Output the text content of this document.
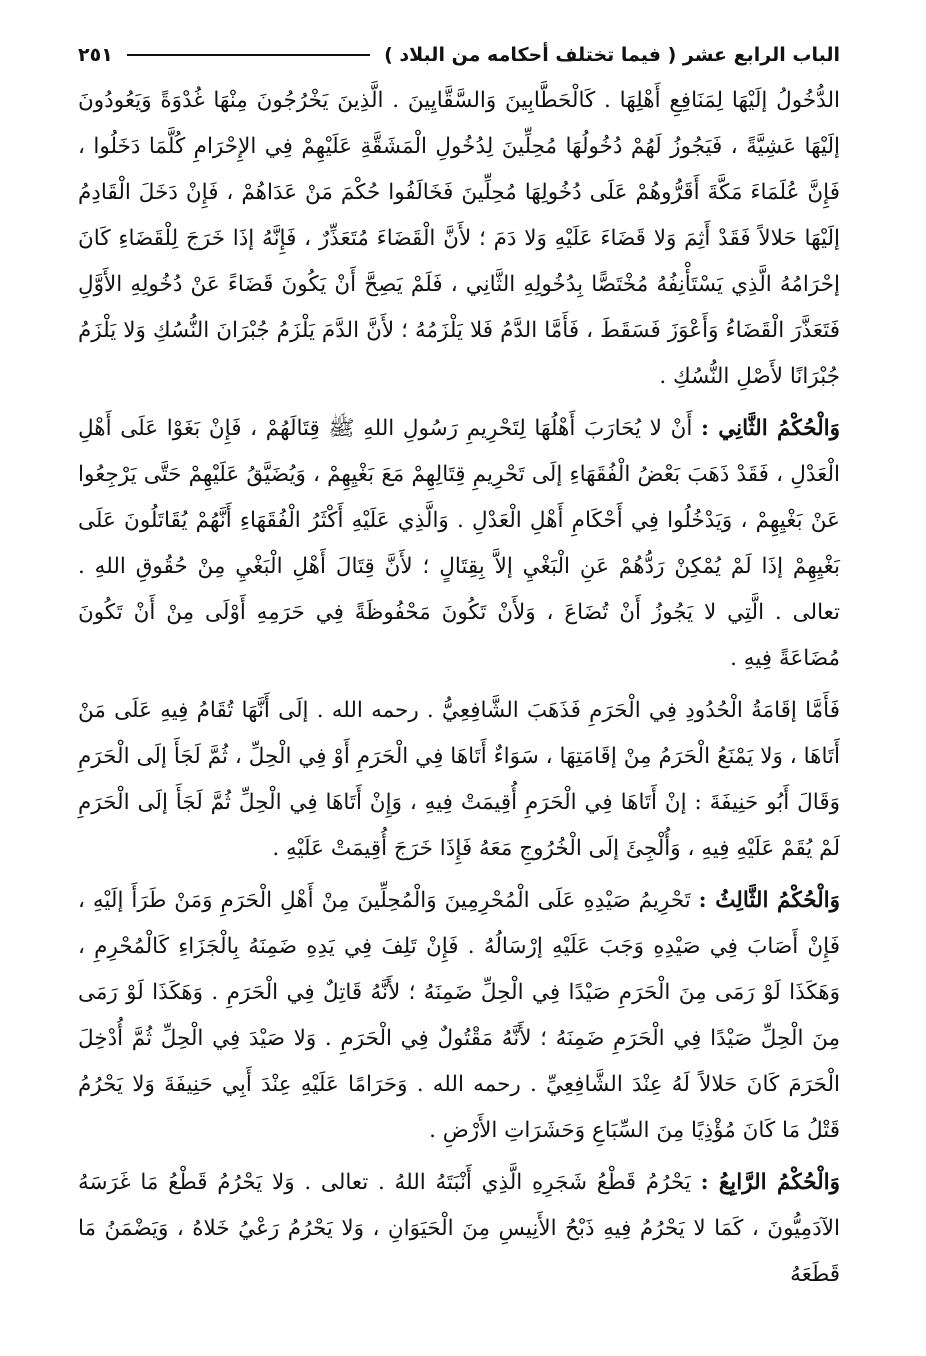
الباب الرابع عشر ( فيما تختلف أحكامه من البلاد )
٢٥١

الدُّخُولُ إلَيْهَا لِمَنَافِعِ أَهْلِهَا . كَالْحَطَّابِينَ وَالسَّقَّايِينَ . الَّذِينَ يَخْرُجُونَ مِنْهَا غُدْوَةً وَيَعُودُونَ إلَيْهَا عَشِيَّةً ، فَيَجُوزُ لَهُمْ دُخُولُهَا مُحِلِّينَ لِدُخُولِ الْمَشَقَّةِ عَلَيْهِمْ فِي الإِحْرَامِ كُلَّمَا دَخَلُوا ، فَإِنَّ عُلَمَاءَ مَكَّةَ أَقَرُّوهُمْ عَلَى دُخُولِهَا مُحِلِّينَ فَخَالَفُوا حُكْمَ مَنْ عَدَاهُمْ ، فَإِنْ دَخَلَ الْقَادِمُ إلَيْهَا حَلالاً فَقَدْ أَثِمَ وَلا قَضَاءَ عَلَيْهِ وَلا دَمَ ؛ لأَنَّ الْقَضَاءَ مُتَعَذِّرٌ ، فَإِنَّهُ إذَا خَرَجَ لِلْقَضَاءِ كَانَ إحْرَامُهُ الَّذِي يَسْتَأْنِفُهُ مُخْتَصًّا بِدُخُولِهِ الثَّانِي ، فَلَمْ يَصِحَّ أَنْ يَكُونَ قَضَاءً عَنْ دُخُولِهِ الأَوَّلِ فَتَعَذَّرَ الْقَضَاءُ وَأَعْوَزَ فَسَقَطَ ، فَأَمَّا الدَّمُ فَلا يَلْزَمُهُ ؛ لأَنَّ الدَّمَ يَلْزَمُ جُبْرَانَ النُّسُكِ وَلا يَلْزَمُ جُبْرَانًا لأَصْلِ النُّسُكِ .

وَالْحُكْمُ الثَّانِي : أَنْ لا يُحَارَبَ أَهْلُهَا لِتَحْرِيمِ رَسُولِ اللهِ ﷺ قِتَالَهُمْ ، فَإِنْ بَغَوْا عَلَى أَهْلِ الْعَدْلِ ، فَقَدْ ذَهَبَ بَعْضُ الْفُقَهَاءِ إلَى تَحْرِيمِ قِتَالِهِمْ مَعَ بَغْيِهِمْ ، وَيُضَيَّقُ عَلَيْهِمْ حَتَّى يَرْجِعُوا عَنْ بَغْيِهِمْ ، وَيَدْخُلُوا فِي أَحْكَامِ أَهْلِ الْعَدْلِ . وَالَّذِي عَلَيْهِ أَكْثَرُ الْفُقَهَاءِ أَنَّهُمْ يُقَاتَلُونَ عَلَى بَغْيِهِمْ إذَا لَمْ يُمْكِنْ رَدُّهُمْ عَنِ الْبَغْيِ إلاَّ بِقِتَالٍ ؛ لأَنَّ قِتَالَ أَهْلِ الْبَغْيِ مِنْ حُقُوقِ اللهِ . تعالى . الَّتِي لا يَجُوزُ أَنْ تُضَاعَ ، وَلأَنْ تَكُونَ مَحْفُوظَةً فِي حَرَمِهِ أَوْلَى مِنْ أَنْ تَكُونَ مُضَاعَةً فِيهِ .

فَأَمَّا إقَامَةُ الْحُدُودِ فِي الْحَرَمِ فَذَهَبَ الشَّافِعِيُّ . رحمه الله . إلَى أَنَّهَا تُقَامُ فِيهِ عَلَى مَنْ أَتَاهَا ، وَلا يَمْنَعُ الْحَرَمُ مِنْ إقَامَتِهَا ، سَوَاءٌ أَتَاهَا فِي الْحَرَمِ أَوْ فِي الْحِلِّ ، ثُمَّ لَجَأَ إلَى الْحَرَمِ وَقَالَ أَبُو حَنِيفَةَ : إنْ أَتَاهَا فِي الْحَرَمِ أُقِيمَتْ فِيهِ ، وَإِنْ أَتَاهَا فِي الْحِلِّ ثُمَّ لَجَأَ إلَى الْحَرَمِ لَمْ يُقَمْ عَلَيْهِ فِيهِ ، وَأُلْجِئَ إلَى الْخُرُوجِ مَعَهُ فَإِذَا خَرَجَ أُقِيمَتْ عَلَيْهِ .

وَالْحُكْمُ الثَّالِثُ : تَحْرِيمُ صَيْدِهِ عَلَى الْمُحْرِمِينَ وَالْمُحِلِّينَ مِنْ أَهْلِ الْحَرَمِ وَمَنْ طَرَأَ إلَيْهِ ، فَإِنْ أَصَابَ فِي صَيْدِهِ وَجَبَ عَلَيْهِ إرْسَالُهُ . فَإِنْ تَلِفَ فِي يَدِهِ ضَمِنَهُ بِالْجَزَاءِ كَالْمُحْرِمِ ، وَهَكَذَا لَوْ رَمَى مِنَ الْحَرَمِ صَيْدًا فِي الْحِلِّ ضَمِنَهُ ؛ لأَنَّهُ قَاتِلٌ فِي الْحَرَمِ . وَهَكَذَا لَوْ رَمَى مِنَ الْحِلِّ صَيْدًا فِي الْحَرَمِ ضَمِنَهُ ؛ لأَنَّهُ مَقْتُولٌ فِي الْحَرَمِ . وَلا صَيْدَ فِي الْحِلِّ ثُمَّ أُدْخِلَ الْحَرَمَ كَانَ حَلالاً لَهُ عِنْدَ الشَّافِعِيِّ . رحمه الله . وَحَرَامًا عَلَيْهِ عِنْدَ أَبِي حَنِيفَةَ وَلا يَحْرُمُ قَتْلُ مَا كَانَ مُؤْذِيًا مِنَ السِّبَاعِ وَحَشَرَاتِ الأَرْضِ .

وَالْحُكْمُ الرَّابِعُ : يَحْرُمُ قَطْعُ شَجَرِهِ الَّذِي أَنْبَتَهُ اللهُ . تعالى . وَلا يَحْرُمُ قَطْعُ مَا غَرَسَهُ الآدَمِيُّونَ ، كَمَا لا يَحْرُمُ فِيهِ ذَبْحُ الأَنِيسِ مِنَ الْحَيَوَانِ ، وَلا يَحْرُمُ رَعْيُ خَلاهُ ، وَيَضْمَنُ مَا قَطَعَهُ
